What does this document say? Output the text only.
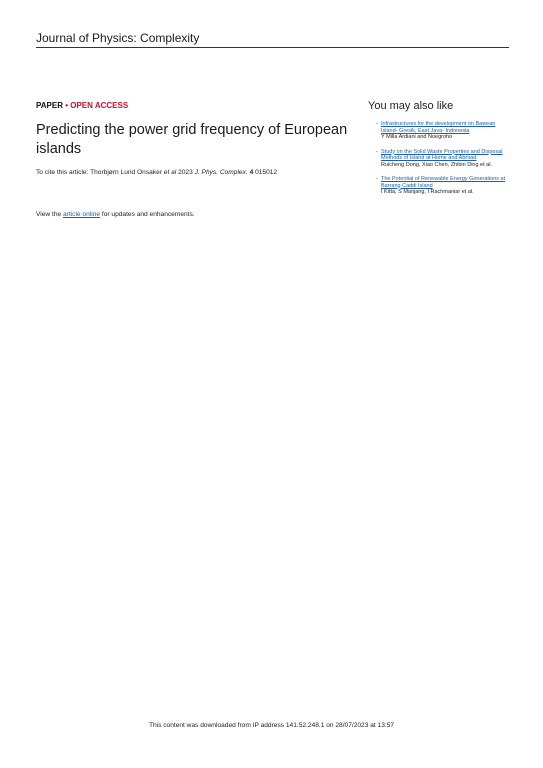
Journal of Physics: Complexity
PAPER • OPEN ACCESS
Predicting the power grid frequency of European islands
To cite this article: Thorbjørn Lund Onsaker et al 2023 J. Phys. Complex. 4 015012
View the article online for updates and enhancements.
You may also like
- Infrastructures for the development on Bawean Island- Gresik, East Java- Indonesia
Y Milla Ardiani and Noegroho
- Study on the Solid Waste Properties and Disposal Methods of Island at Home and Abroad
Ruicheng Dong, Xiao Chen, Zhibin Ding et al.
- The Potential of Renewable Energy Generations at Barrang Caddi Island
I Kitta, S Manjang, I Rachmaniar et al.
This content was downloaded from IP address 141.52.248.1 on 28/07/2023 at 13:57
